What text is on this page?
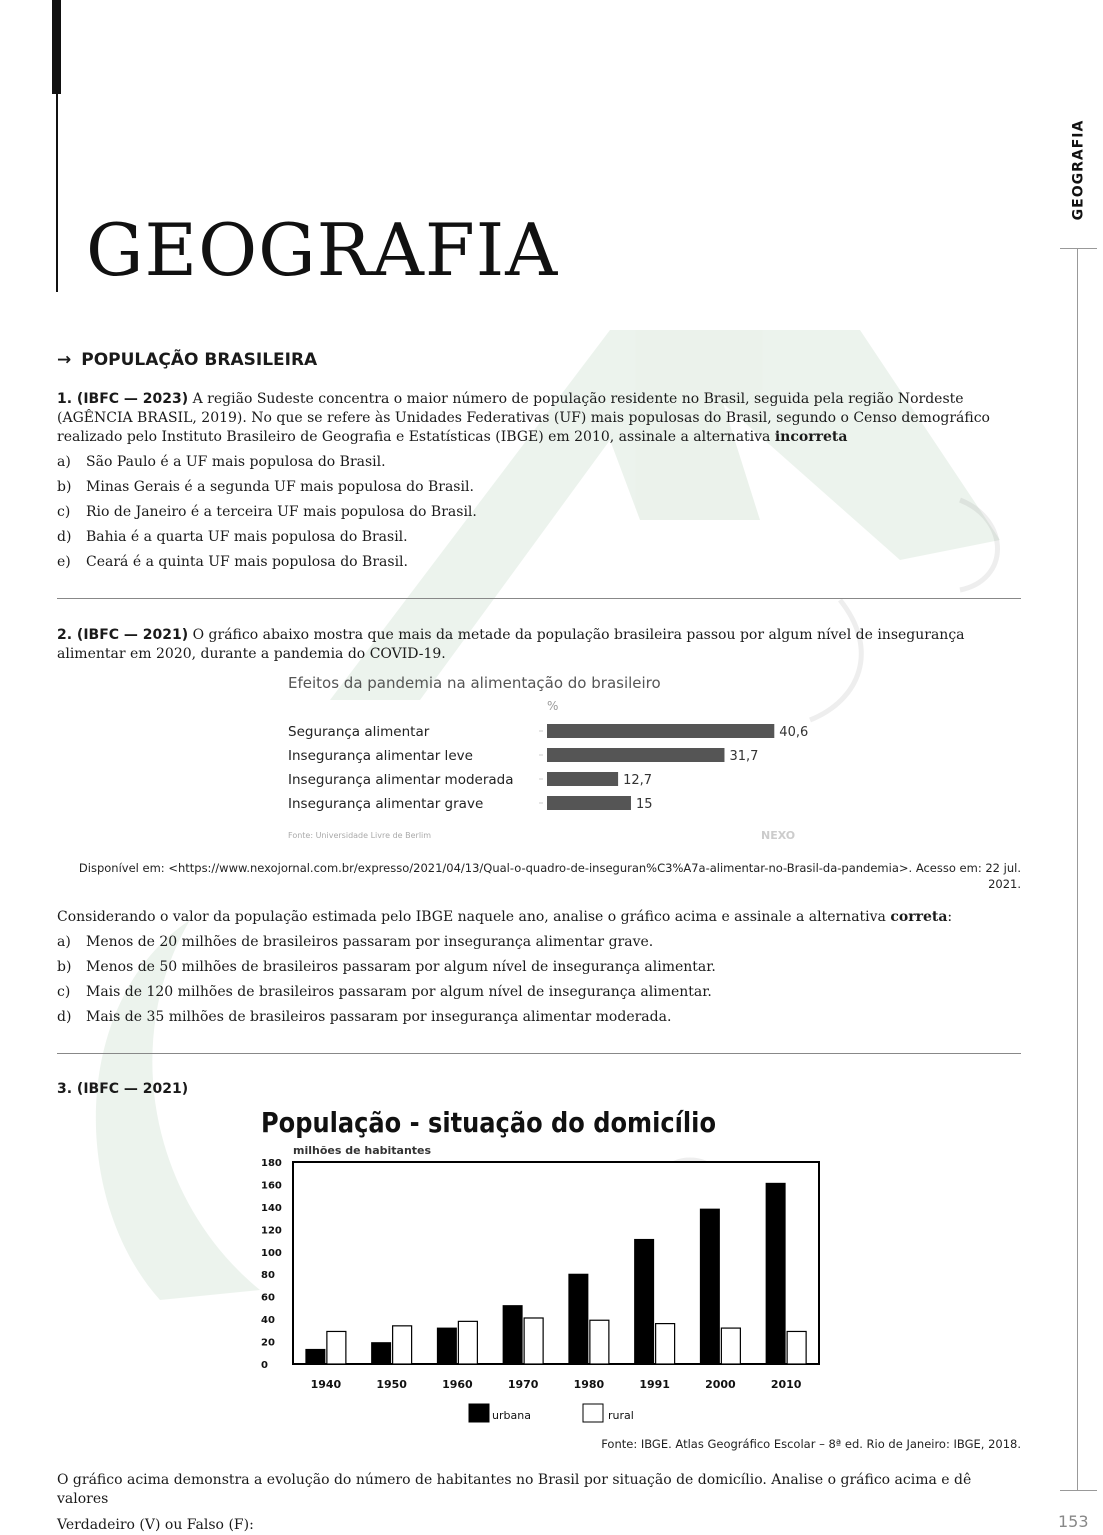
GEOGRAFIA
153
GEOGRAFIA
→ POPULAÇÃO BRASILEIRA

1. (IBFC — 2023) A região Sudeste concentra o maior número de população residente no Brasil, seguida pela região Nordeste (AGÊNCIA BRASIL, 2019). No que se refere às Unidades Federativas (UF) mais populosas do Brasil, segundo o Censo demográfico realizado pelo Instituto Brasileiro de Geografia e Estatísticas (IBGE) em 2010, assinale a alternativa incorreta

a)	São Paulo é a UF mais populosa do Brasil.
b)	Minas Gerais é a segunda UF mais populosa do Brasil.
c)	Rio de Janeiro é a terceira UF mais populosa do Brasil.
d)	Bahia é a quarta UF mais populosa do Brasil.
e)	Ceará é a quinta UF mais populosa do Brasil.

2. (IBFC — 2021) O gráfico abaixo mostra que mais da metade da população brasileira passou por algum nível de insegurança alimentar em 2020, durante a pandemia do COVID-19.

Efeitos da pandemia na alimentação do brasileiro
%
Segurança alimentar	40,6
Insegurança alimentar leve	31,7
Insegurança alimentar moderada	12,7
Insegurança alimentar grave	15
Fonte: Universidade Livre de Berlim	NEXO
Disponível em: <https://www.nexojornal.com.br/expresso/2021/04/13/Qual-o-quadro-de-inseguran%C3%A7a-alimentar-no-Brasil-da-pandemia>. Acesso em: 22 jul. 2021.

Considerando o valor da população estimada pelo IBGE naquele ano, analise o gráfico acima e assinale a alternativa correta:

a)	Menos de 20 milhões de brasileiros passaram por insegurança alimentar grave.
b)	Menos de 50 milhões de brasileiros passaram por algum nível de insegurança alimentar.
c)	Mais de 120 milhões de brasileiros passaram por algum nível de insegurança alimentar.
d)	Mais de 35 milhões de brasileiros passaram por insegurança alimentar moderada.

3. (IBFC — 2021)

População - situação do domicílio
milhões de habitantes
180
160
140
120
100
80
60
40
20
0
1940	1950	1960	1970	1980	1991	2000	2010
urbana	rural
Fonte: IBGE. Atlas Geográfico Escolar – 8ª ed. Rio de Janeiro: IBGE, 2018.

O gráfico acima demonstra a evolução do número de habitantes no Brasil por situação de domicílio. Analise o gráfico acima e dê valores

Verdadeiro (V) ou Falso (F):
